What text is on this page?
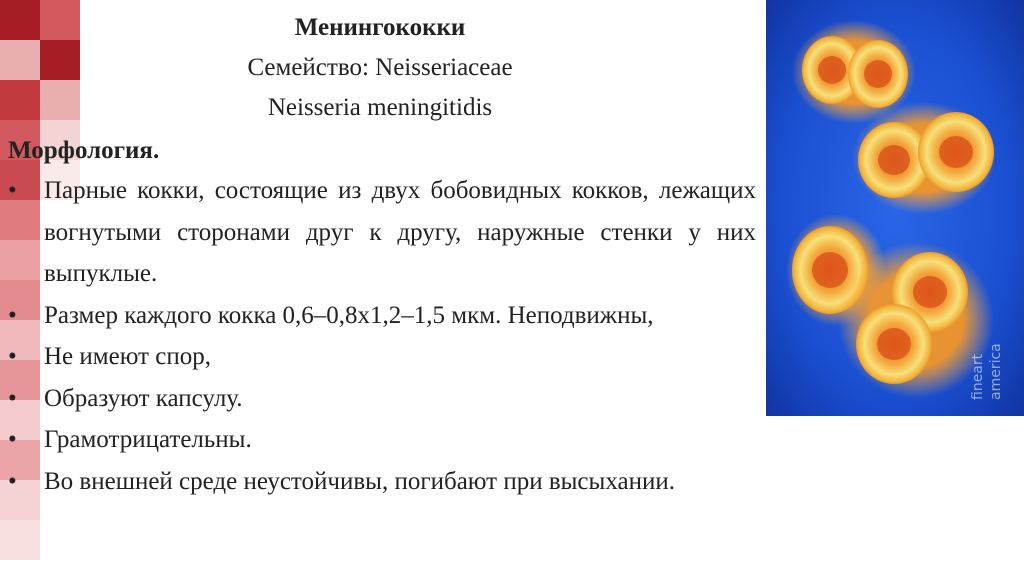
Менингококки
Семейство: Neisseriaceae
Neisseria meningitidis
Морфология.
•	Парные кокки, состоящие из двух бобовидных кокков, лежащих вогнутыми сторонами друг к другу, наружные стенки у них выпуклые.
•	Размер каждого кокка 0,6–0,8х1,2–1,5 мкм. Неподвижны,
•	Не имеют спор,
•	Образуют капсулу.
•	Грамотрицательны.
•	Во внешней среде неустойчивы, погибают при высыхании.
fineart america
